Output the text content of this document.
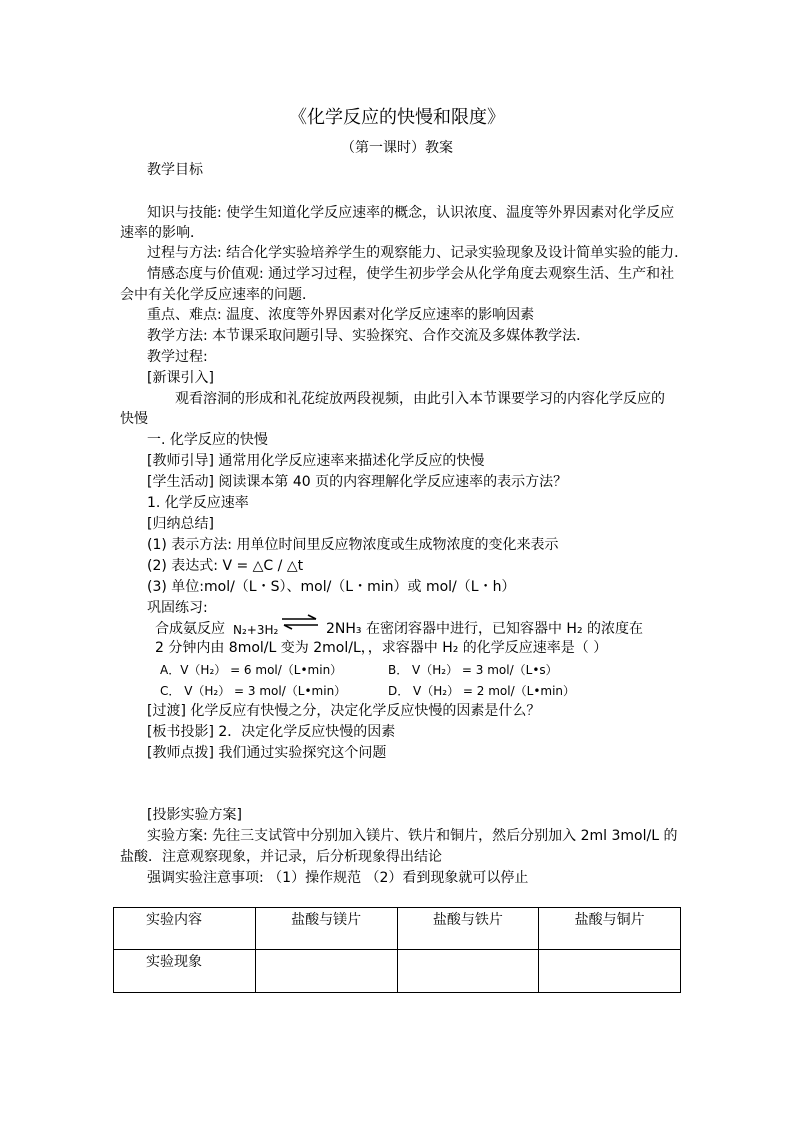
《化学反应的快慢和限度》
（第一课时）教案
教学目标
知识与技能: 使学生知道化学反应速率的概念，认识浓度、温度等外界因素对化学反应
速率的影响．
过程与方法: 结合化学实验培养学生的观察能力、记录实验现象及设计简单实验的能力．
情感态度与价值观: 通过学习过程，使学生初步学会从化学角度去观察生活、生产和社
会中有关化学反应速率的问题．
重点、难点: 温度、浓度等外界因素对化学反应速率的影响因素
教学方法: 本节课采取问题引导、实验探究、合作交流及多媒体教学法．
教学过程:
[新课引入]
观看溶洞的形成和礼花绽放两段视频，由此引入本节课要学习的内容化学反应的
快慢
一. 化学反应的快慢
[教师引导] 通常用化学反应速率来描述化学反应的快慢
[学生活动] 阅读课本第 40 页的内容理解化学反应速率的表示方法？
1. 化学反应速率
[归纳总结]
(1) 表示方法: 用单位时间里反应物浓度或生成物浓度的变化来表示
(2) 表达式: V = △C / △t
(3) 单位:mol/（L・S）、mol/（L・min）或 mol/（L・h）
巩固练习:
合成氨反应 N₂+3H₂ ⇌ 2NH₃ 在密闭容器中进行，已知容器中 H₂ 的浓度在
2 分钟内由 8mol/L 变为 2mol/L，，求容器中 H₂ 的化学反应速率是（ ）
A．V（H₂） = 6 mol/（L•min）	B． V（H₂） = 3 mol/（L•s）
C． V（H₂） = 3 mol/（L•min）	D． V（H₂） = 2 mol/（L•min）
[过渡] 化学反应有快慢之分，决定化学反应快慢的因素是什么？
[板书投影] 2．决定化学反应快慢的因素
[教师点拨] 我们通过实验探究这个问题
[投影实验方案]
实验方案: 先往三支试管中分别加入镁片、铁片和铜片，然后分别加入 2ml 3mol/L 的
盐酸．注意观察现象，并记录，后分析现象得出结论
强调实验注意事项: （1）操作规范 （2）看到现象就可以停止
实验内容	盐酸与镁片	盐酸与铁片	盐酸与铜片
实验现象			
